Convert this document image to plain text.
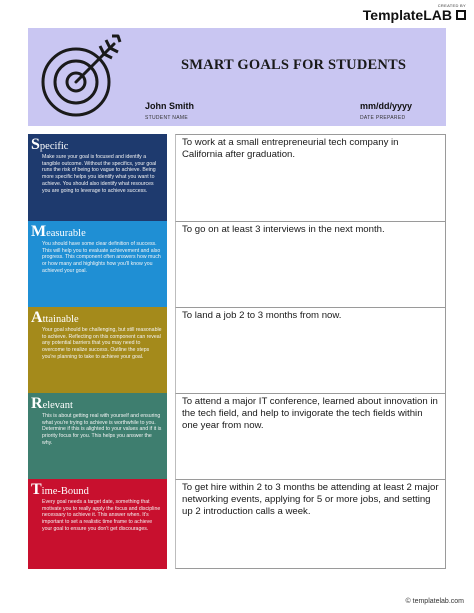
CREATED BY
TemplateLAB
SMART GOALS FOR STUDENTS
John Smith
STUDENT NAME
mm/dd/yyyy
DATE PREPARED
Specific
Make sure your goal is focused and identify a tangible outcome. Without the specifics, your goal runs the risk of being too vague to achieve. Being more specific helps you identify what you want to achieve. You should also identify what resources you are going to leverage to achieve success.
To work at a small entrepreneurial tech company in California after graduation.
Measurable
You should have some clear definition of success. This will help you to evaluate achievement and also progress. This component often answers how much or how many and highlights how you'll know you achieved your goal.
To go on at least 3 interviews in the next month.
Attainable
Your goal should be challenging, but still reasonable to achieve. Reflecting on this component can reveal any potential barriers that you may need to overcome to realize success. Outline the steps you're planning to take to achieve your goal.
To land a job 2 to 3 months from now.
Relevant
This is about getting real with yourself and ensuring what you're trying to achieve is worthwhile to you. Determine if this is alighted to your values and if it is priority focus for you. This helps you answer the why.
To attend a major IT conference, learned about innovation in the tech field, and help to invigorate the tech fields within one year from now.
Time-Bound
Every goal needs a target date, something that motivate you to really apply the focus and discipline necessary to achieve it. This answer when. It's important to set a realistic time frame to achieve your goal to ensure you don't get discourages.
To get hire within 2 to 3 months be attending at least 2 major networking events, applying for 5 or more jobs, and setting up 2 introduction calls a week.
© templatelab.com
